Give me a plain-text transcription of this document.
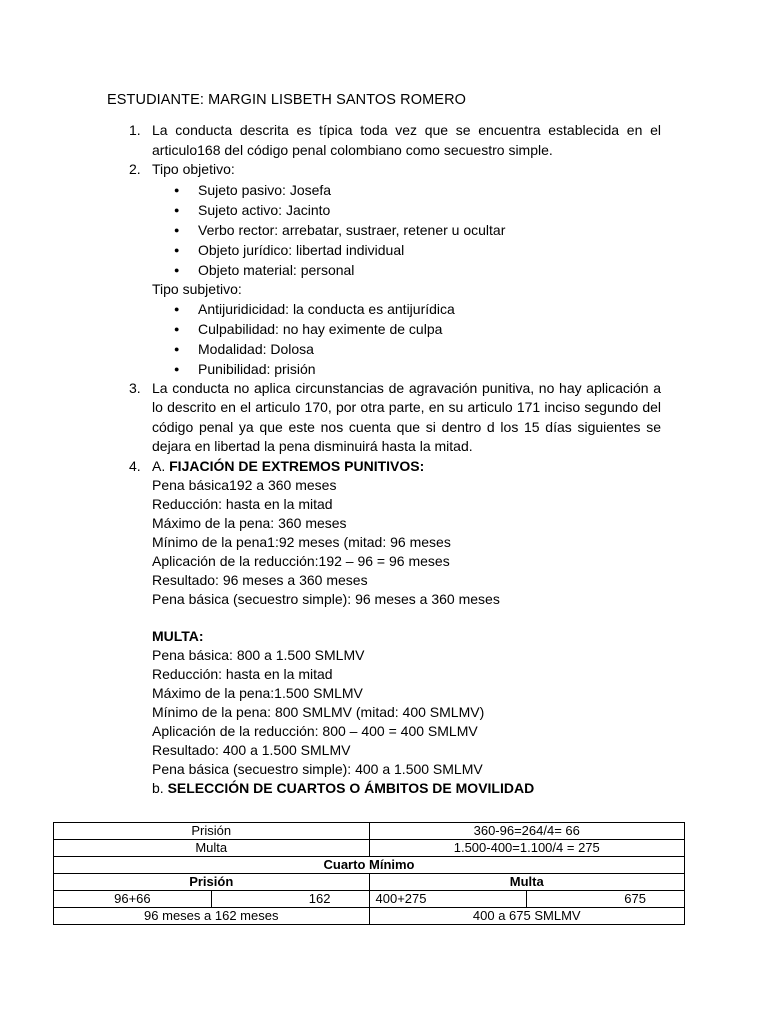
ESTUDIANTE: MARGIN LISBETH SANTOS ROMERO
1. La conducta descrita es típica toda vez que se encuentra establecida en el articulo168 del código penal colombiano como secuestro simple.
2. Tipo objetivo:
● Sujeto pasivo: Josefa
● Sujeto activo: Jacinto
● Verbo rector: arrebatar, sustraer, retener u ocultar
● Objeto jurídico: libertad individual
● Objeto material: personal
Tipo subjetivo:
● Antijuridicidad: la conducta es antijurídica
● Culpabilidad: no hay eximente de culpa
● Modalidad: Dolosa
● Punibilidad: prisión
3. La conducta no aplica circunstancias de agravación punitiva, no hay aplicación a lo descrito en el articulo 170, por otra parte, en su articulo 171 inciso segundo del código penal ya que este nos cuenta que si dentro d los 15 días siguientes se dejara en libertad la pena disminuirá hasta la mitad.
4. A. FIJACIÓN DE EXTREMOS PUNITIVOS:
Pena básica192 a 360 meses
Reducción: hasta en la mitad
Máximo de la pena: 360 meses
Mínimo de la pena1:92 meses (mitad: 96 meses
Aplicación de la reducción:192 – 96 = 96 meses
Resultado: 96 meses a 360 meses
Pena básica (secuestro simple): 96 meses a 360 meses
MULTA:
Pena básica: 800 a 1.500 SMLMV
Reducción: hasta en la mitad
Máximo de la pena:1.500 SMLMV
Mínimo de la pena: 800 SMLMV (mitad: 400 SMLMV)
Aplicación de la reducción: 800 – 400 = 400 SMLMV
Resultado: 400 a 1.500 SMLMV
Pena básica (secuestro simple): 400 a 1.500 SMLMV
b. SELECCIÓN DE CUARTOS O ÁMBITOS DE MOVILIDAD
Prisión		360-96=264/4= 66	
Multa		1.500-400=1.100/4 = 275	
Cuarto Mínimo			
Prisión		Multa	
96+66	162	400+275	675
96 meses a 162 meses		400 a 675 SMLMV	
